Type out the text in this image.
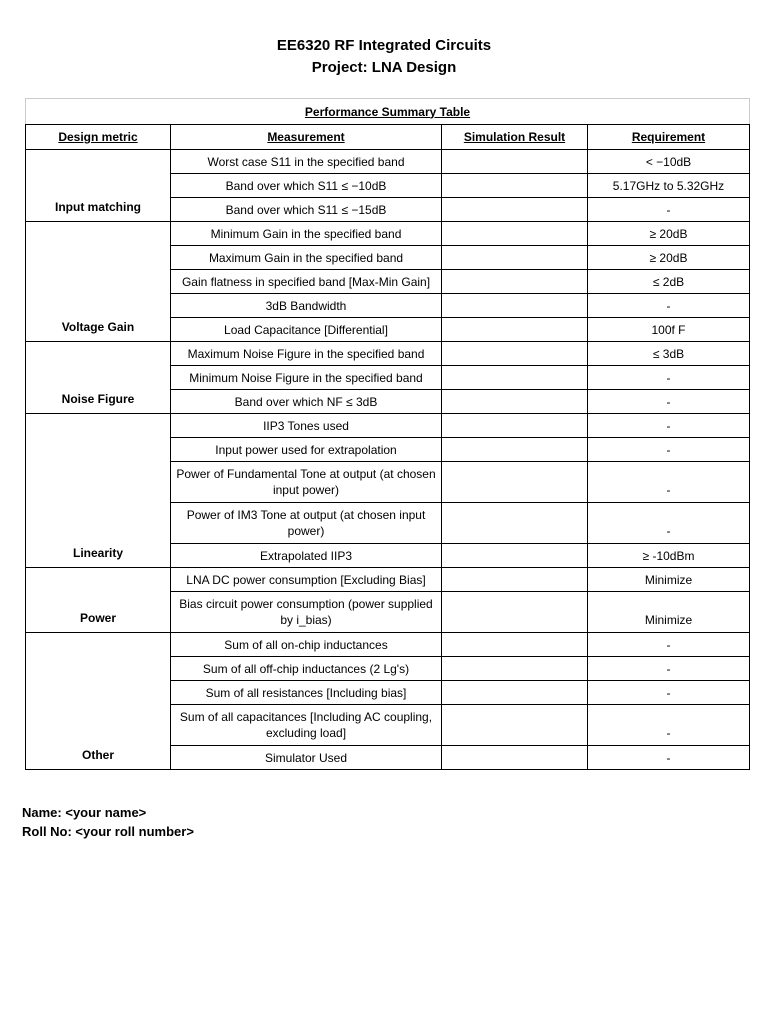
EE6320 RF Integrated Circuits
Project: LNA Design
Performance Summary Table			
Design metric	Measurement	Simulation Result	Requirement
Input matching	Worst case S11 in the specified band		< −10dB
	Band over which S11 ≤ −10dB		5.17GHz to 5.32GHz
	Band over which S11 ≤ −15dB		-
Voltage Gain	Minimum Gain in the specified band		≥ 20dB
	Maximum Gain in the specified band		≥ 20dB
	Gain flatness in specified band [Max-Min Gain]		≤ 2dB
	3dB Bandwidth		-
	Load Capacitance [Differential]		100f F
Noise Figure	Maximum Noise Figure in the specified band		≤ 3dB
	Minimum Noise Figure in the specified band		-
	Band over which NF ≤ 3dB		-
Linearity	IIP3 Tones used		-
	Input power used for extrapolation		-
	Power of Fundamental Tone at output (at chosen input power)		-
	Power of IM3 Tone at output (at chosen input power)		-
	Extrapolated IIP3		≥ -10dBm
Power	LNA DC power consumption [Excluding Bias]		Minimize
	Bias circuit power consumption (power supplied by i_bias)		Minimize
Other	Sum of all on-chip inductances		-
	Sum of all off-chip inductances (2 Lg's)		-
	Sum of all resistances [Including bias]		-
	Sum of all capacitances [Including AC coupling, excluding load]		-
	Simulator Used		-
Name: <your name>
Roll No: <your roll number>
